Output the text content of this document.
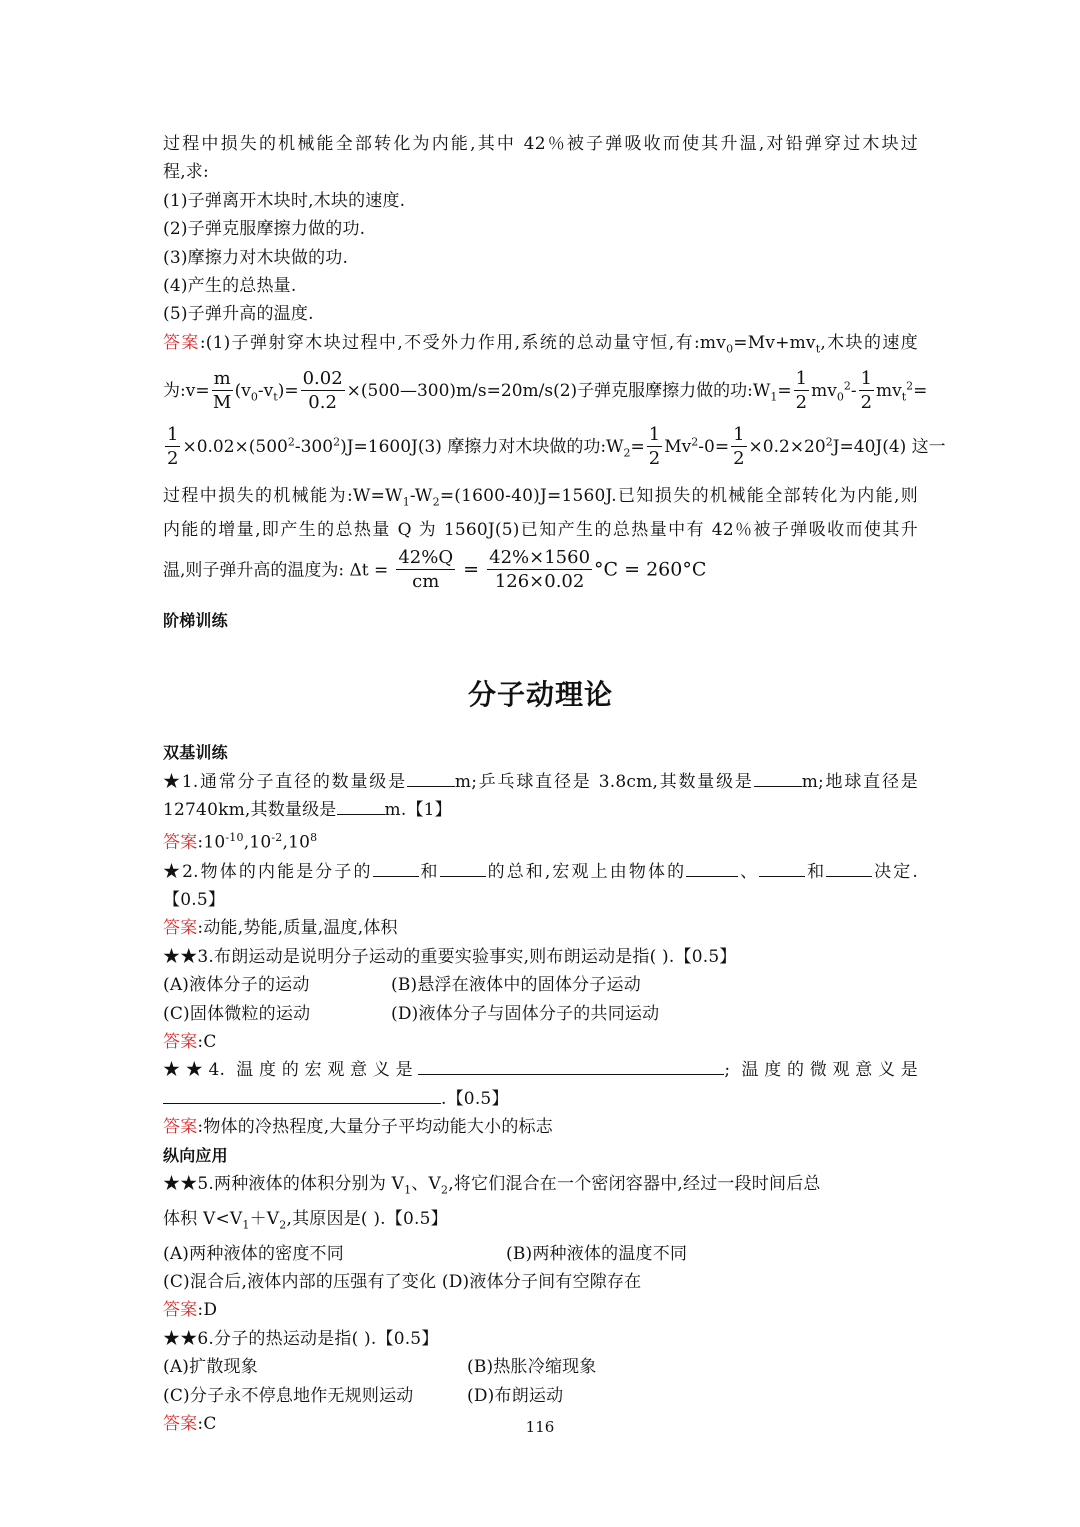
过程中损失的机械能全部转化为内能,其中 42％被子弹吸收而使其升温,对铅弹穿过木块过
程,求:
(1)子弹离开木块时,木块的速度.
(2)子弹克服摩擦力做的功.
(3)摩擦力对木块做的功.
(4)产生的总热量.
(5)子弹升高的温度.
答案:(1)子弹射穿木块过程中,不受外力作用,系统的总动量守恒,有$:mv_0=Mv+mv_t$,木块的速度
为:v= $\frac{m}{M} (v_0-v_t)= \frac{0.02}{0.2}$ ×(500—300)m/s=20m/s(2)子弹克服摩擦力做的功$:W_1= \frac{1}{2} mv_0^2- \frac{1}{2} mv_t^2=$
$\frac{1}{2} \times 0.02\times(500^2-300^2)J=1600J(3)$ 摩擦力对木块做的功$:W_2= \frac{1}{2} Mv^2-0= \frac{1}{2} \times 0.2\times 20^2J=40J(4)$ 这一
过程中损失的机械能为$:W=W_1-W_2=(1600-40)J=1560J$.已知损失的机械能全部转化为内能,则
内能的增量,即产生的总热量 Q 为 1560J(5)已知产生的总热量中有 42％被子弹吸收而使其升
温,则子弹升高的温度为: $\Delta t = \frac{42\%Q}{cm} = \frac{42\%\times 1560}{126\times 0.02} ^\circ C = 260^\circ C$
阶梯训练
分子动理论
双基训练
★1.通常分子直径的数量级是	m;乒乓球直径是 3.8cm,其数量级是	m;地球直径是
12740km,其数量级是	m.【1】
答案$:10^{-10},10^{-2},10^8$
★2.物体的内能是分子的	和	的总和,宏观上由物体的	、	和	决定.
【0.5】
答案:动能,势能,质量,温度,体积
★★3.布朗运动是说明分子运动的重要实验事实,则布朗运动是指( ).【0.5】
(A)液体分子的运动	(B)悬浮在液体中的固体分子运动
(C)固体微粒的运动	(D)液体分子与固体分子的共同运动
答案:C
★★4. 温度的宏观意义是	; 温度的微观意义是
.【0.5】
答案:物体的冷热程度,大量分子平均动能大小的标志
纵向应用
★★5.两种液体的体积分别为 $V_1$、$V_2$,将它们混合在一个密闭容器中,经过一段时间后总
体积 $V<V_1+V_2$,其原因是( ).【0.5】
(A)两种液体的密度不同	(B)两种液体的温度不同
(C)混合后,液体内部的压强有了变化 (D)液体分子间有空隙存在
答案:D
★★6.分子的热运动是指( ).【0.5】
(A)扩散现象	(B)热胀冷缩现象
(C)分子永不停息地作无规则运动	(D)布朗运动
答案:C	116
